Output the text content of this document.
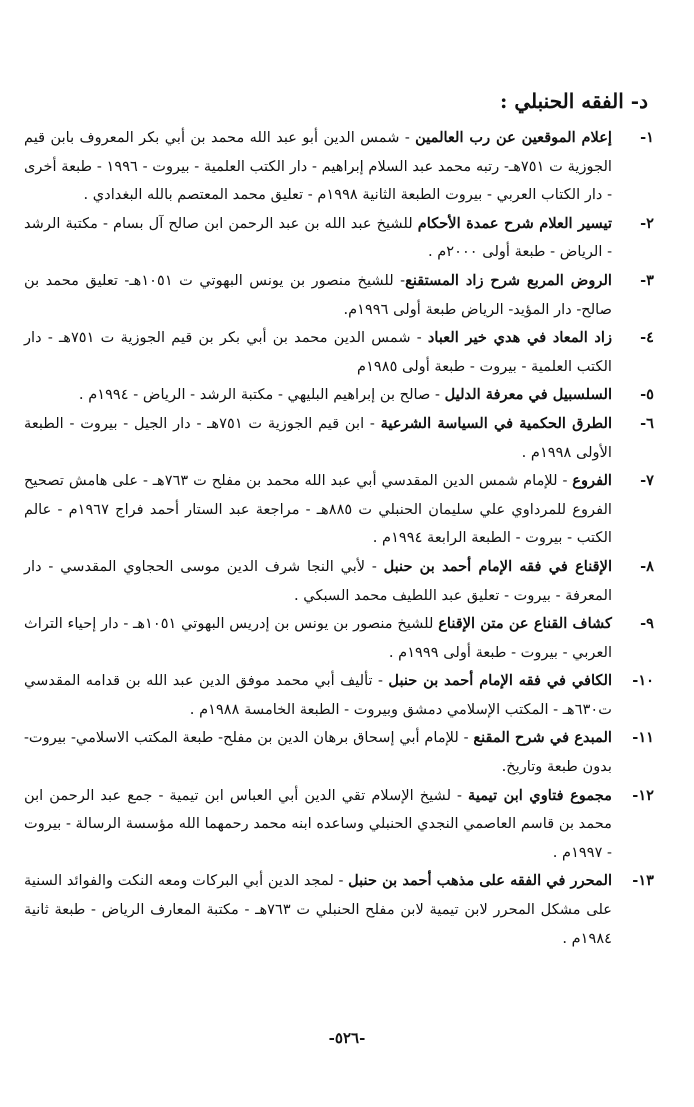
د- الفقه الحنبلي :
١-
إعلام الموقعين عن رب العالمين - شمس الدين أبو عبد الله محمد بن أبي بكر المعروف بابن قيم الجوزية ت ٧٥١هـ- رتبه محمد عبد السلام إبراهيم - دار الكتب العلمية - بيروت - ١٩٩٦ - طبعة أخرى - دار الكتاب العربي - بيروت الطبعة الثانية ١٩٩٨م - تعليق محمد المعتصم بالله البغدادي .
٢-
تيسير العلام شرح عمدة الأحكام للشيخ عبد الله بن عبد الرحمن ابن صالح آل بسام - مكتبة الرشد - الرياض - طبعة أولى ٢٠٠٠م .
٣-
الروض المربع شرح زاد المستقنع- للشيخ منصور بن يونس البهوتي ت ١٠٥١هـ- تعليق محمد بن صالح- دار المؤيد- الرياض طبعة أولى ١٩٩٦م.
٤-
زاد المعاد في هدي خير العباد - شمس الدين محمد بن أبي بكر بن قيم الجوزية ت ٧٥١هـ - دار الكتب العلمية - بيروت - طبعة أولى ١٩٨٥م
٥-
السلسبيل في معرفة الدليل - صالح بن إبراهيم البليهي - مكتبة الرشد - الرياض - ١٩٩٤م .
٦-
الطرق الحكمية في السياسة الشرعية - ابن قيم الجوزية ت ٧٥١هـ - دار الجيل - بيروت - الطبعة الأولى ١٩٩٨م .
٧-
الفروع - للإمام شمس الدين المقدسي أبي عبد الله محمد بن مفلح ت ٧٦٣هـ - على هامش تصحيح الفروع للمرداوي علي سليمان الحنبلي ت ٨٨٥هـ - مراجعة عبد الستار أحمد فراج ١٩٦٧م - عالم الكتب - بيروت - الطبعة الرابعة ١٩٩٤م .
٨-
الإقناع في فقه الإمام أحمد بن حنبل - لأبي النجا شرف الدين موسى الحجاوي المقدسي - دار المعرفة - بيروت - تعليق عبد اللطيف محمد السبكي .
٩-
كشاف القناع عن متن الإقناع للشيخ منصور بن يونس بن إدريس البهوتي ١٠٥١هـ - دار إحياء التراث العربي - بيروت - طبعة أولى ١٩٩٩م .
١٠-
الكافي في فقه الإمام أحمد بن حنبل - تأليف أبي محمد موفق الدين عبد الله بن قدامه المقدسي ت٦٣٠هـ - المكتب الإسلامي دمشق وبيروت - الطبعة الخامسة ١٩٨٨م .
١١-
المبدع في شرح المقنع - للإمام أبي إسحاق برهان الدين بن مفلح- طبعة المكتب الاسلامي- بيروت- بدون طبعة وتاريخ.
١٢-
مجموع فتاوي ابن تيمية - لشيخ الإسلام تقي الدين أبي العباس ابن تيمية - جمع عبد الرحمن ابن محمد بن قاسم العاصمي النجدي الحنبلي وساعده ابنه محمد رحمهما الله مؤسسة الرسالة - بيروت - ١٩٩٧م .
١٣-
المحرر في الفقه على مذهب أحمد بن حنبل - لمجد الدين أبي البركات ومعه النكت والفوائد السنية على مشكل المحرر لابن تيمية لابن مفلح الحنبلي ت ٧٦٣هـ - مكتبة المعارف الرياض - طبعة ثانية ١٩٨٤م .
-٥٢٦-
